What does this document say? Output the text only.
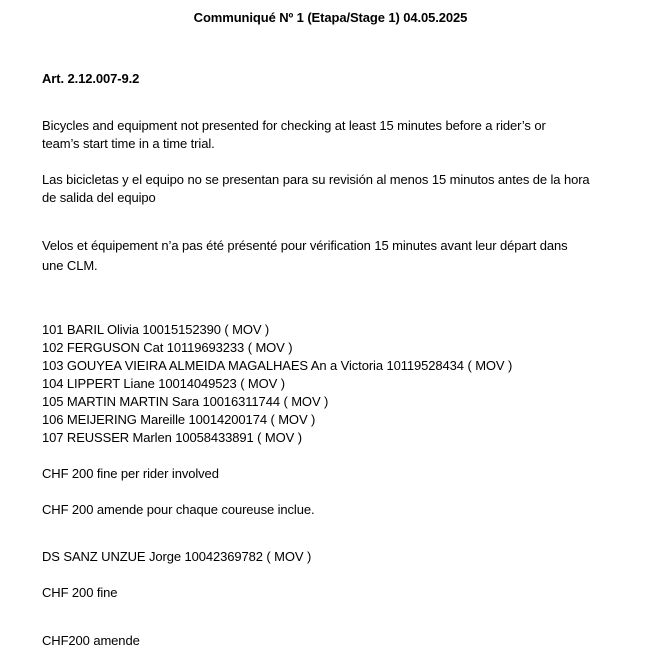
Communiqué Nº 1 (Etapa/Stage 1) 04.05.2025
Art. 2.12.007-9.2
Bicycles and equipment not presented for checking at least 15 minutes before a rider’s or
team’s start time in a time trial.
Las bicicletas y el equipo no se presentan para su revisión al menos 15 minutos antes de la hora
de salida del equipo
Velos et équipement n’a pas été présenté pour vérification 15 minutes avant leur départ dans
une CLM.
101 BARIL Olivia 10015152390 ( MOV )
102 FERGUSON Cat 10119693233 ( MOV )
103 GOUYEA VIEIRA ALMEIDA MAGALHAES An a Victoria 10119528434 ( MOV )
104 LIPPERT Liane 10014049523 ( MOV )
105 MARTIN MARTIN Sara 10016311744 ( MOV )
106 MEIJERING Mareille 10014200174 ( MOV )
107 REUSSER Marlen 10058433891 ( MOV )
CHF 200 fine per rider involved
CHF 200 amende pour chaque coureuse inclue.
DS SANZ UNZUE Jorge 10042369782 ( MOV )
CHF 200 fine
CHF200 amende
